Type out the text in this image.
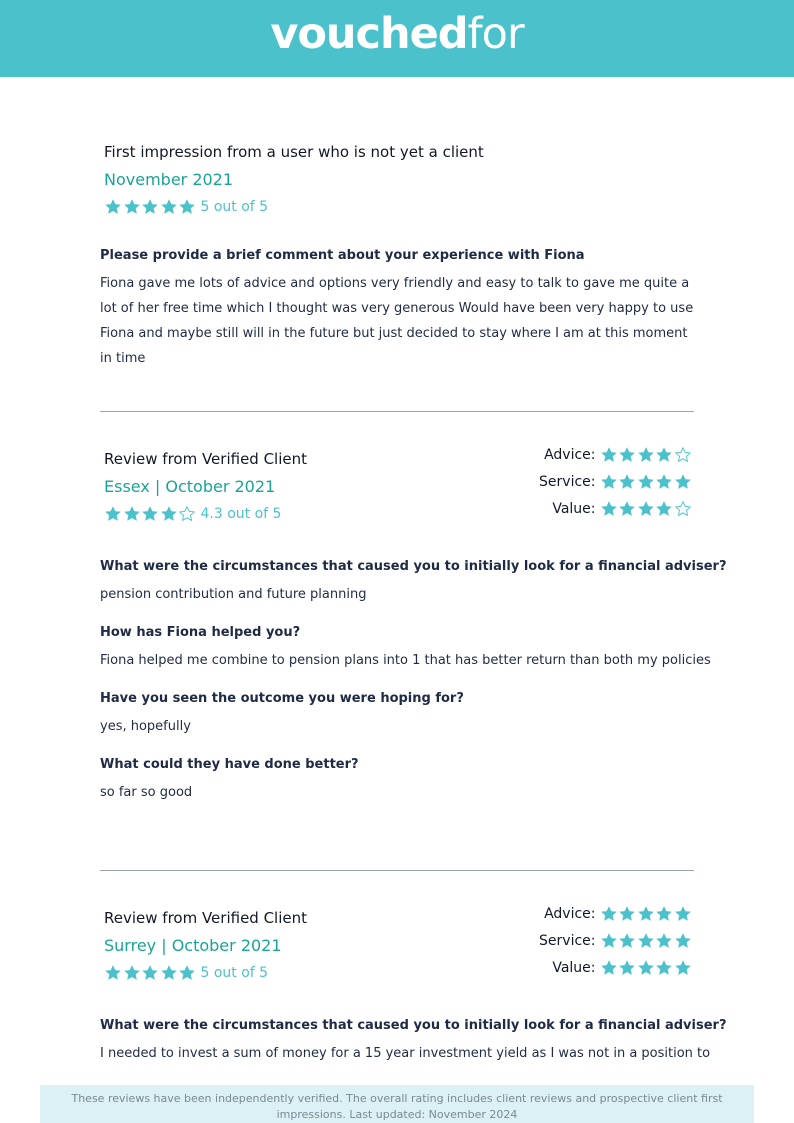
vouchedfor
First impression from a user who is not yet a client
November 2021
5 out of 5
Please provide a brief comment about your experience with Fiona
Fiona gave me lots of advice and options very friendly and easy to talk to gave me quite a lot of her free time which I thought was very generous Would have been very happy to use Fiona and maybe still will in the future but just decided to stay where I am at this moment in time
Review from Verified Client
Essex | October 2021
4.3 out of 5
Advice:
Service:
Value:
What were the circumstances that caused you to initially look for a financial adviser?
pension contribution and future planning
How has Fiona helped you?
Fiona helped me combine to pension plans into 1 that has better return than both my policies
Have you seen the outcome you were hoping for?
yes, hopefully
What could they have done better?
so far so good
Review from Verified Client
Surrey | October 2021
5 out of 5
Advice:
Service:
Value:
What were the circumstances that caused you to initially look for a financial adviser?
I needed to invest a sum of money for a 15 year investment yield as I was not in a position to
These reviews have been independently verified. The overall rating includes client reviews and prospective client first impressions. Last updated: November 2024
